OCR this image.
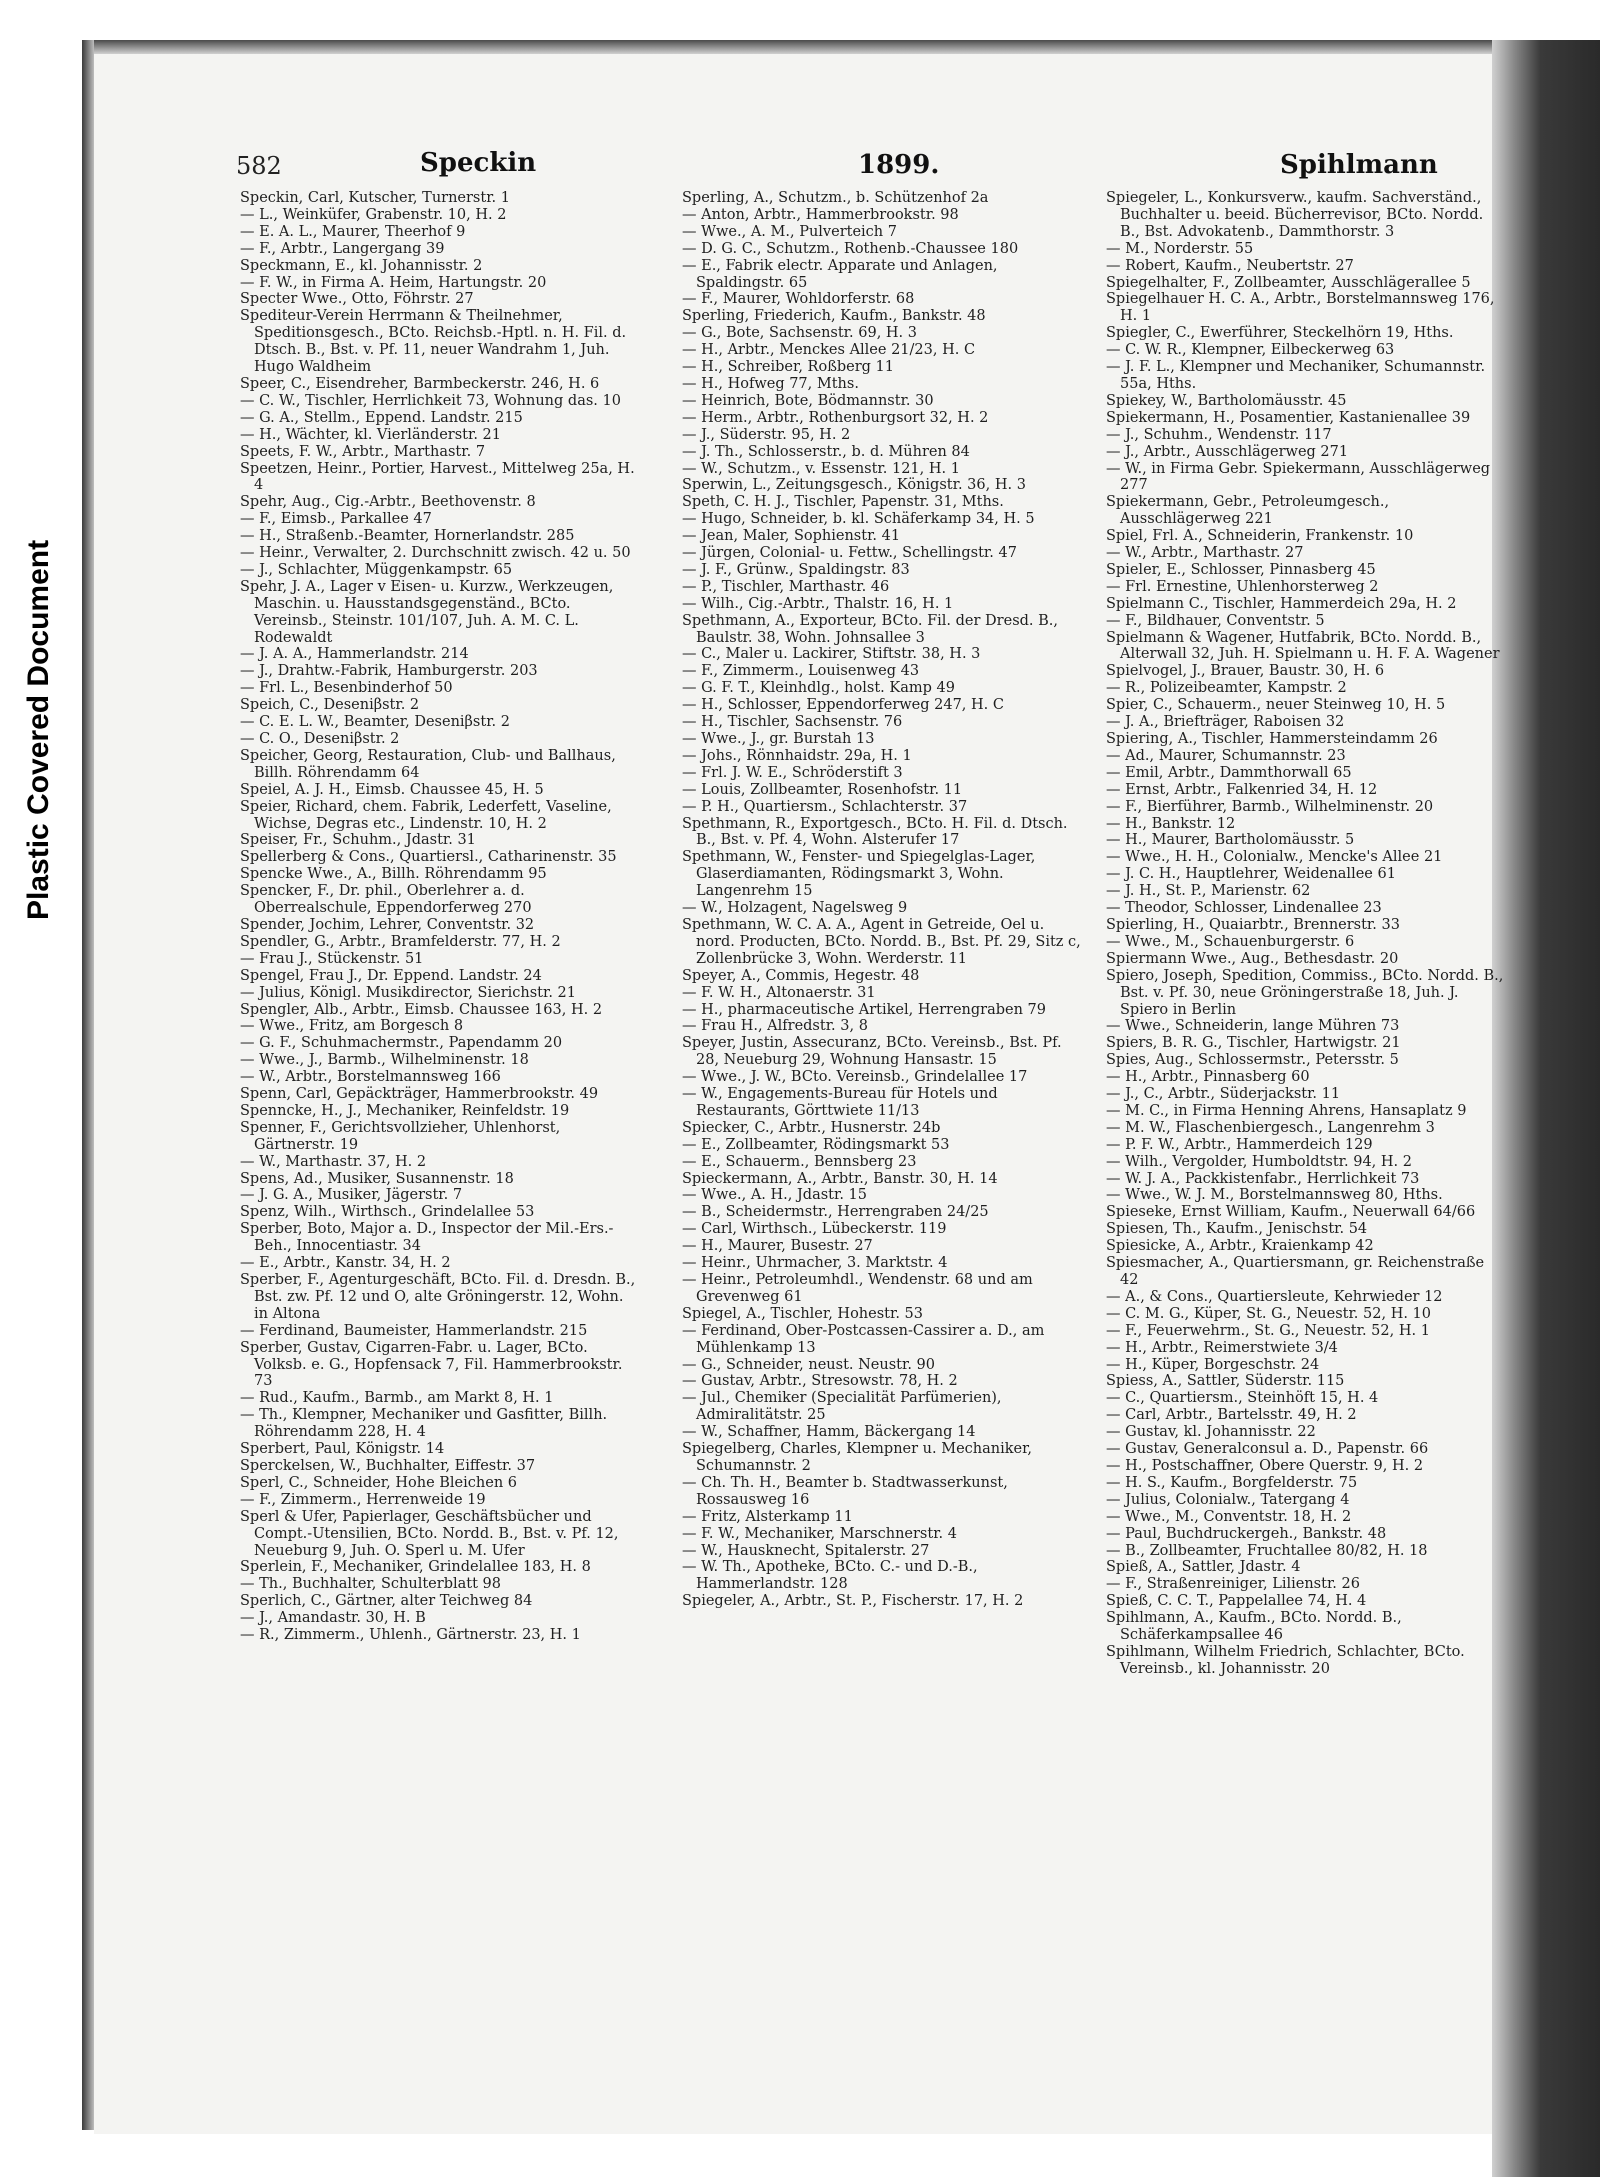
Plastic Covered Document
582	Speckin	1899.	Spihlmann

Speckin, Carl, Kutscher, Turnerstr. 1

— L., Weinküfer, Grabenstr. 10, H. 2

— E. A. L., Maurer, Theerhof 9

— F., Arbtr., Langergang 39

Speckmann, E., kl. Johannisstr. 2

— F. W., in Firma A. Heim, Hartungstr. 20

Specter Wwe., Otto, Föhrstr. 27

Spediteur-Verein Herrmann & Theilnehmer, Speditionsgesch., BCto. Reichsb.-Hptl. n. H. Fil. d. Dtsch. B., Bst. v. Pf. 11, neuer Wandrahm 1, Juh. Hugo Waldheim

Speer, C., Eisendreher, Barmbeckerstr. 246, H. 6

— C. W., Tischler, Herrlichkeit 73, Wohnung das. 10

— G. A., Stellm., Eppend. Landstr. 215

— H., Wächter, kl. Vierländerstr. 21

Speets, F. W., Arbtr., Marthastr. 7

Speetzen, Heinr., Portier, Harvest., Mittelweg 25a, H. 4

Spehr, Aug., Cig.-Arbtr., Beethovenstr. 8

— F., Eimsb., Parkallee 47

— H., Straßenb.-Beamter, Hornerlandstr. 285

— Heinr., Verwalter, 2. Durchschnitt zwisch. 42 u. 50

— J., Schlachter, Müggenkampstr. 65

Spehr, J. A., Lager v Eisen- u. Kurzw., Werkzeugen, Maschin. u. Hausstandsgegenständ., BCto. Vereinsb., Steinstr. 101/107, Juh. A. M. C. L. Rodewaldt

— J. A. A., Hammerlandstr. 214

— J., Drahtw.-Fabrik, Hamburgerstr. 203

— Frl. L., Besenbinderhof 50

Speich, C., Deseniβstr. 2

— C. E. L. W., Beamter, Deseniβstr. 2

— C. O., Deseniβstr. 2

Speicher, Georg, Restauration, Club- und Ballhaus, Billh. Röhrendamm 64

Speiel, A. J. H., Eimsb. Chaussee 45, H. 5

Speier, Richard, chem. Fabrik, Lederfett, Vaseline, Wichse, Degras etc., Lindenstr. 10, H. 2

Speiser, Fr., Schuhm., Jdastr. 31

Spellerberg & Cons., Quartiersl., Catharinenstr. 35

Spencke Wwe., A., Billh. Röhrendamm 95

Spencker, F., Dr. phil., Oberlehrer a. d. Oberrealschule, Eppendorferweg 270

Spender, Jochim, Lehrer, Conventstr. 32

Spendler, G., Arbtr., Bramfelderstr. 77, H. 2

— Frau J., Stückenstr. 51

Spengel, Frau J., Dr. Eppend. Landstr. 24

— Julius, Königl. Musikdirector, Sierichstr. 21

Spengler, Alb., Arbtr., Eimsb. Chaussee 163, H. 2

— Wwe., Fritz, am Borgesch 8

— G. F., Schuhmachermstr., Papendamm 20

— Wwe., J., Barmb., Wilhelminenstr. 18

— W., Arbtr., Borstelmannsweg 166

Spenn, Carl, Gepäckträger, Hammerbrookstr. 49

Spenncke, H., J., Mechaniker, Reinfeldstr. 19

Spenner, F., Gerichtsvollzieher, Uhlenhorst, Gärtnerstr. 19

— W., Marthastr. 37, H. 2

Spens, Ad., Musiker, Susannenstr. 18

— J. G. A., Musiker, Jägerstr. 7

Spenz, Wilh., Wirthsch., Grindelallee 53

Sperber, Boto, Major a. D., Inspector der Mil.-Ers.-Beh., Innocentiastr. 34

— E., Arbtr., Kanstr. 34, H. 2

Sperber, F., Agenturgeschäft, BCto. Fil. d. Dresdn. B., Bst. zw. Pf. 12 und O, alte Gröningerstr. 12, Wohn. in Altona

— Ferdinand, Baumeister, Hammerlandstr. 215

Sperber, Gustav, Cigarren-Fabr. u. Lager, BCto. Volksb. e. G., Hopfensack 7, Fil. Hammerbrookstr. 73

— Rud., Kaufm., Barmb., am Markt 8, H. 1

— Th., Klempner, Mechaniker und Gasfitter, Billh. Röhrendamm 228, H. 4

Sperbert, Paul, Königstr. 14

Sperckelsen, W., Buchhalter, Eiffestr. 37

Sperl, C., Schneider, Hohe Bleichen 6

— F., Zimmerm., Herrenweide 19

Sperl & Ufer, Papierlager, Geschäftsbücher und Compt.-Utensilien, BCto. Nordd. B., Bst. v. Pf. 12, Neueburg 9, Juh. O. Sperl u. M. Ufer

Sperlein, F., Mechaniker, Grindelallee 183, H. 8

— Th., Buchhalter, Schulterblatt 98

Sperlich, C., Gärtner, alter Teichweg 84

— J., Amandastr. 30, H. B

— R., Zimmerm., Uhlenh., Gärtnerstr. 23, H. 1

Sperling, A., Schutzm., b. Schützenhof 2a

— Anton, Arbtr., Hammerbrookstr. 98

— Wwe., A. M., Pulverteich 7

— D. G. C., Schutzm., Rothenb.-Chaussee 180

— E., Fabrik electr. Apparate und Anlagen, Spaldingstr. 65

— F., Maurer, Wohldorferstr. 68

Sperling, Friederich, Kaufm., Bankstr. 48

— G., Bote, Sachsenstr. 69, H. 3

— H., Arbtr., Menckes Allee 21/23, H. C

— H., Schreiber, Roßberg 11

— H., Hofweg 77, Mths.

— Heinrich, Bote, Bödmannstr. 30

— Herm., Arbtr., Rothenburgsort 32, H. 2

— J., Süderstr. 95, H. 2

— J. Th., Schlosserstr., b. d. Mühren 84

— W., Schutzm., v. Essenstr. 121, H. 1

Sperwin, L., Zeitungsgesch., Königstr. 36, H. 3

Speth, C. H. J., Tischler, Papenstr. 31, Mths.

— Hugo, Schneider, b. kl. Schäferkamp 34, H. 5

— Jean, Maler, Sophienstr. 41

— Jürgen, Colonial- u. Fettw., Schellingstr. 47

— J. F., Grünw., Spaldingstr. 83

— P., Tischler, Marthastr. 46

— Wilh., Cig.-Arbtr., Thalstr. 16, H. 1

Spethmann, A., Exporteur, BCto. Fil. der Dresd. B., Baulstr. 38, Wohn. Johnsallee 3

— C., Maler u. Lackirer, Stiftstr. 38, H. 3

— F., Zimmerm., Louisenweg 43

— G. F. T., Kleinhdlg., holst. Kamp 49

— H., Schlosser, Eppendorferweg 247, H. C

— H., Tischler, Sachsenstr. 76

— Wwe., J., gr. Burstah 13

— Johs., Rönnhaidstr. 29a, H. 1

— Frl. J. W. E., Schröderstift 3

— Louis, Zollbeamter, Rosenhofstr. 11

— P. H., Quartiersm., Schlachterstr. 37

Spethmann, R., Exportgesch., BCto. H. Fil. d. Dtsch. B., Bst. v. Pf. 4, Wohn. Alsterufer 17

Spethmann, W., Fenster- und Spiegelglas-Lager, Glaserdiamanten, Rödingsmarkt 3, Wohn. Langenrehm 15

— W., Holzagent, Nagelsweg 9

Spethmann, W. C. A. A., Agent in Getreide, Oel u. nord. Producten, BCto. Nordd. B., Bst. Pf. 29, Sitz c, Zollenbrücke 3, Wohn. Werderstr. 11

Speyer, A., Commis, Hegestr. 48

— F. W. H., Altonaerstr. 31

— H., pharmaceutische Artikel, Herrengraben 79

— Frau H., Alfredstr. 3, 8

Speyer, Justin, Assecuranz, BCto. Vereinsb., Bst. Pf. 28, Neueburg 29, Wohnung Hansastr. 15

— Wwe., J. W., BCto. Vereinsb., Grindelallee 17

— W., Engagements-Bureau für Hotels und Restaurants, Görttwiete 11/13

Spiecker, C., Arbtr., Husnerstr. 24b

— E., Zollbeamter, Rödingsmarkt 53

— E., Schauerm., Bennsberg 23

Spieckermann, A., Arbtr., Banstr. 30, H. 14

— Wwe., A. H., Jdastr. 15

— B., Scheidermstr., Herrengraben 24/25

— Carl, Wirthsch., Lübeckerstr. 119

— H., Maurer, Busestr. 27

— Heinr., Uhrmacher, 3. Marktstr. 4

— Heinr., Petroleumhdl., Wendenstr. 68 und am Grevenweg 61

Spiegel, A., Tischler, Hohestr. 53

— Ferdinand, Ober-Postcassen-Cassirer a. D., am Mühlenkamp 13

— G., Schneider, neust. Neustr. 90

— Gustav, Arbtr., Stresowstr. 78, H. 2

— Jul., Chemiker (Specialität Parfümerien), Admiralitätstr. 25

— W., Schaffner, Hamm, Bäckergang 14

Spiegelberg, Charles, Klempner u. Mechaniker, Schumannstr. 2

— Ch. Th. H., Beamter b. Stadtwasserkunst, Rossausweg 16

— Fritz, Alsterkamp 11

— F. W., Mechaniker, Marschnerstr. 4

— W., Hausknecht, Spitalerstr. 27

— W. Th., Apotheke, BCto. C.- und D.-B., Hammerlandstr. 128

Spiegeler, A., Arbtr., St. P., Fischerstr. 17, H. 2

Spiegeler, L., Konkursverw., kaufm. Sachverständ., Buchhalter u. beeid. Bücherrevisor, BCto. Nordd. B., Bst. Advokatenb., Dammthorstr. 3

— M., Norderstr. 55

— Robert, Kaufm., Neubertstr. 27

Spiegelhalter, F., Zollbeamter, Ausschlägerallee 5

Spiegelhauer H. C. A., Arbtr., Borstelmannsweg 176, H. 1

Spiegler, C., Ewerführer, Steckelhörn 19, Hths.

— C. W. R., Klempner, Eilbeckerweg 63

— J. F. L., Klempner und Mechaniker, Schumannstr. 55a, Hths.

Spiekey, W., Bartholomäusstr. 45

Spiekermann, H., Posamentier, Kastanienallee 39

— J., Schuhm., Wendenstr. 117

— J., Arbtr., Ausschlägerweg 271

— W., in Firma Gebr. Spiekermann, Ausschlägerweg 277

Spiekermann, Gebr., Petroleumgesch., Ausschlägerweg 221

Spiel, Frl. A., Schneiderin, Frankenstr. 10

— W., Arbtr., Marthastr. 27

Spieler, E., Schlosser, Pinnasberg 45

— Frl. Ernestine, Uhlenhorsterweg 2

Spielmann C., Tischler, Hammerdeich 29a, H. 2

— F., Bildhauer, Conventstr. 5

Spielmann & Wagener, Hutfabrik, BCto. Nordd. B., Alterwall 32, Juh. H. Spielmann u. H. F. A. Wagener

Spielvogel, J., Brauer, Baustr. 30, H. 6

— R., Polizeibeamter, Kampstr. 2

Spier, C., Schauerm., neuer Steinweg 10, H. 5

— J. A., Briefträger, Raboisen 32

Spiering, A., Tischler, Hammersteindamm 26

— Ad., Maurer, Schumannstr. 23

— Emil, Arbtr., Dammthorwall 65

— Ernst, Arbtr., Falkenried 34, H. 12

— F., Bierführer, Barmb., Wilhelminenstr. 20

— H., Bankstr. 12

— H., Maurer, Bartholomäusstr. 5

— Wwe., H. H., Colonialw., Mencke's Allee 21

— J. C. H., Hauptlehrer, Weidenallee 61

— J. H., St. P., Marienstr. 62

— Theodor, Schlosser, Lindenallee 23

Spierling, H., Quaiarbtr., Brennerstr. 33

— Wwe., M., Schauenburgerstr. 6

Spiermann Wwe., Aug., Bethesdastr. 20

Spiero, Joseph, Spedition, Commiss., BCto. Nordd. B., Bst. v. Pf. 30, neue Gröningerstraße 18, Juh. J. Spiero in Berlin

— Wwe., Schneiderin, lange Mühren 73

Spiers, B. R. G., Tischler, Hartwigstr. 21

Spies, Aug., Schlossermstr., Petersstr. 5

— H., Arbtr., Pinnasberg 60

— J., C., Arbtr., Süderjackstr. 11

— M. C., in Firma Henning Ahrens, Hansaplatz 9

— M. W., Flaschenbiergesch., Langenrehm 3

— P. F. W., Arbtr., Hammerdeich 129

— Wilh., Vergolder, Humboldtstr. 94, H. 2

— W. J. A., Packkistenfabr., Herrlichkeit 73

— Wwe., W. J. M., Borstelmannsweg 80, Hths.

Spieseke, Ernst William, Kaufm., Neuerwall 64/66

Spiesen, Th., Kaufm., Jenischstr. 54

Spiesicke, A., Arbtr., Kraienkamp 42

Spiesmacher, A., Quartiersmann, gr. Reichenstraße 42

— A., & Cons., Quartiersleute, Kehrwieder 12

— C. M. G., Küper, St. G., Neuestr. 52, H. 10

— F., Feuerwehrm., St. G., Neuestr. 52, H. 1

— H., Arbtr., Reimerstwiete 3/4

— H., Küper, Borgeschstr. 24

Spiess, A., Sattler, Süderstr. 115

— C., Quartiersm., Steinhöft 15, H. 4

— Carl, Arbtr., Bartelsstr. 49, H. 2

— Gustav, kl. Johannisstr. 22

— Gustav, Generalconsul a. D., Papenstr. 66

— H., Postschaffner, Obere Querstr. 9, H. 2

— H. S., Kaufm., Borgfelderstr. 75

— Julius, Colonialw., Tatergang 4

— Wwe., M., Conventstr. 18, H. 2

— Paul, Buchdruckergeh., Bankstr. 48

— B., Zollbeamter, Fruchtallee 80/82, H. 18

Spieß, A., Sattler, Jdastr. 4

— F., Straßenreiniger, Lilienstr. 26

Spieß, C. C. T., Pappelallee 74, H. 4

Spihlmann, A., Kaufm., BCto. Nordd. B., Schäferkampsallee 46

Spihlmann, Wilhelm Friedrich, Schlachter, BCto. Vereinsb., kl. Johannisstr. 20
